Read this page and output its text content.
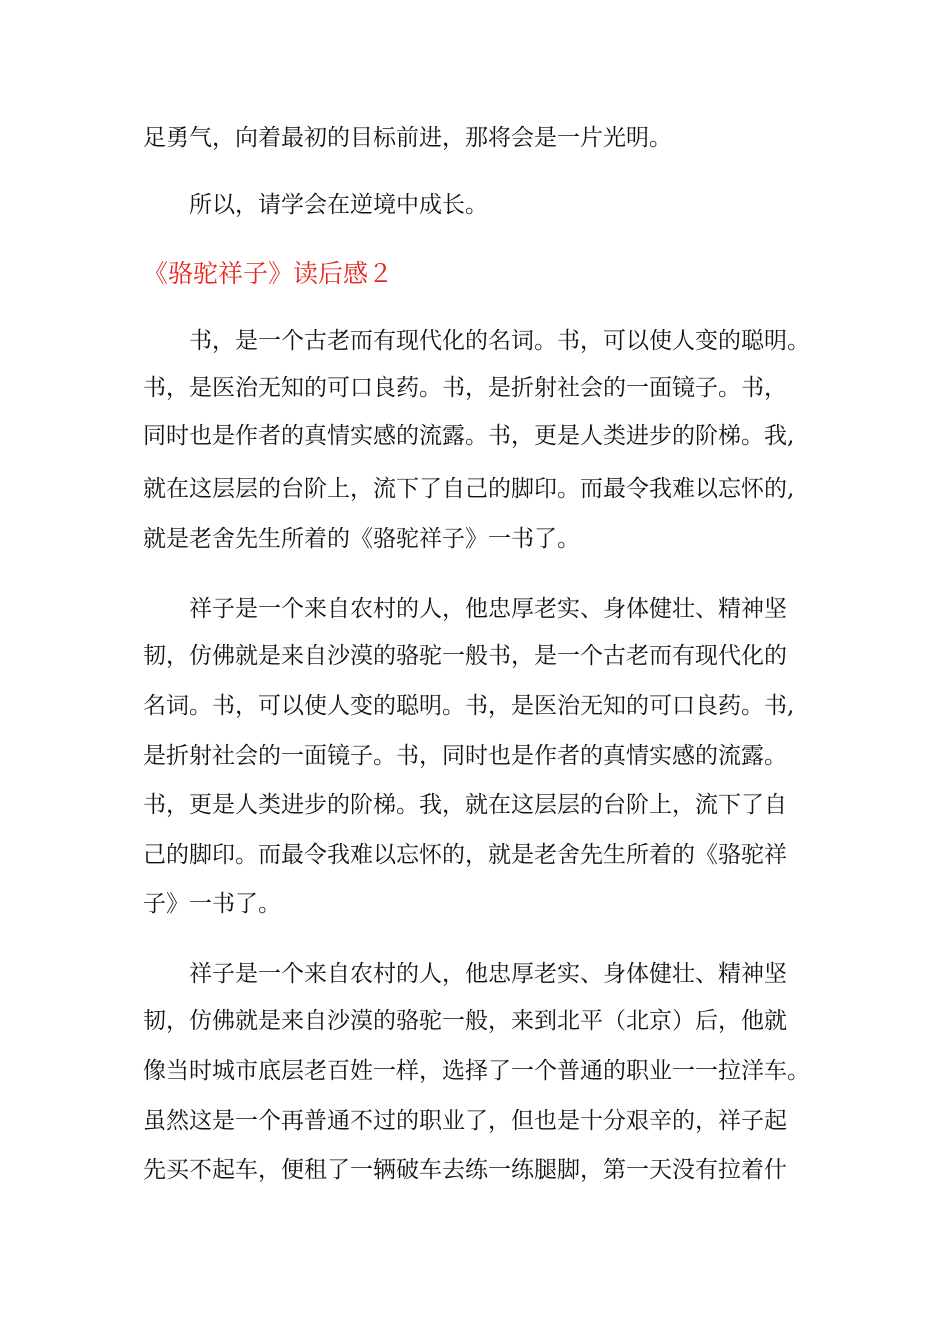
足勇气，向着最初的目标前进，那将会是一片光明。
所以，请学会在逆境中成长。
《骆驼祥子》读后感２
书，是一个古老而有现代化的名词。书，可以使人变的聪明。
书，是医治无知的可口良药。书，是折射社会的一面镜子。书，
同时也是作者的真情实感的流露。书，更是人类进步的阶梯。我,
就在这层层的台阶上，流下了自己的脚印。而最令我难以忘怀的,
就是老舍先生所着的《骆驼祥子》一书了。
祥子是一个来自农村的人，他忠厚老实、身体健壮、精神坚
韧，仿佛就是来自沙漠的骆驼一般书，是一个古老而有现代化的
名词。书，可以使人变的聪明。书，是医治无知的可口良药。书,
是折射社会的一面镜子。书，同时也是作者的真情实感的流露。
书，更是人类进步的阶梯。我，就在这层层的台阶上，流下了自
己的脚印。而最令我难以忘怀的，就是老舍先生所着的《骆驼祥
子》一书了。
祥子是一个来自农村的人，他忠厚老实、身体健壮、精神坚
韧，仿佛就是来自沙漠的骆驼一般，来到北平（北京）后，他就
像当时城市底层老百姓一样，选择了一个普通的职业一一拉洋车。
虽然这是一个再普通不过的职业了，但也是十分艰辛的，祥子起
先买不起车，便租了一辆破车去练一练腿脚，第一天没有拉着什
